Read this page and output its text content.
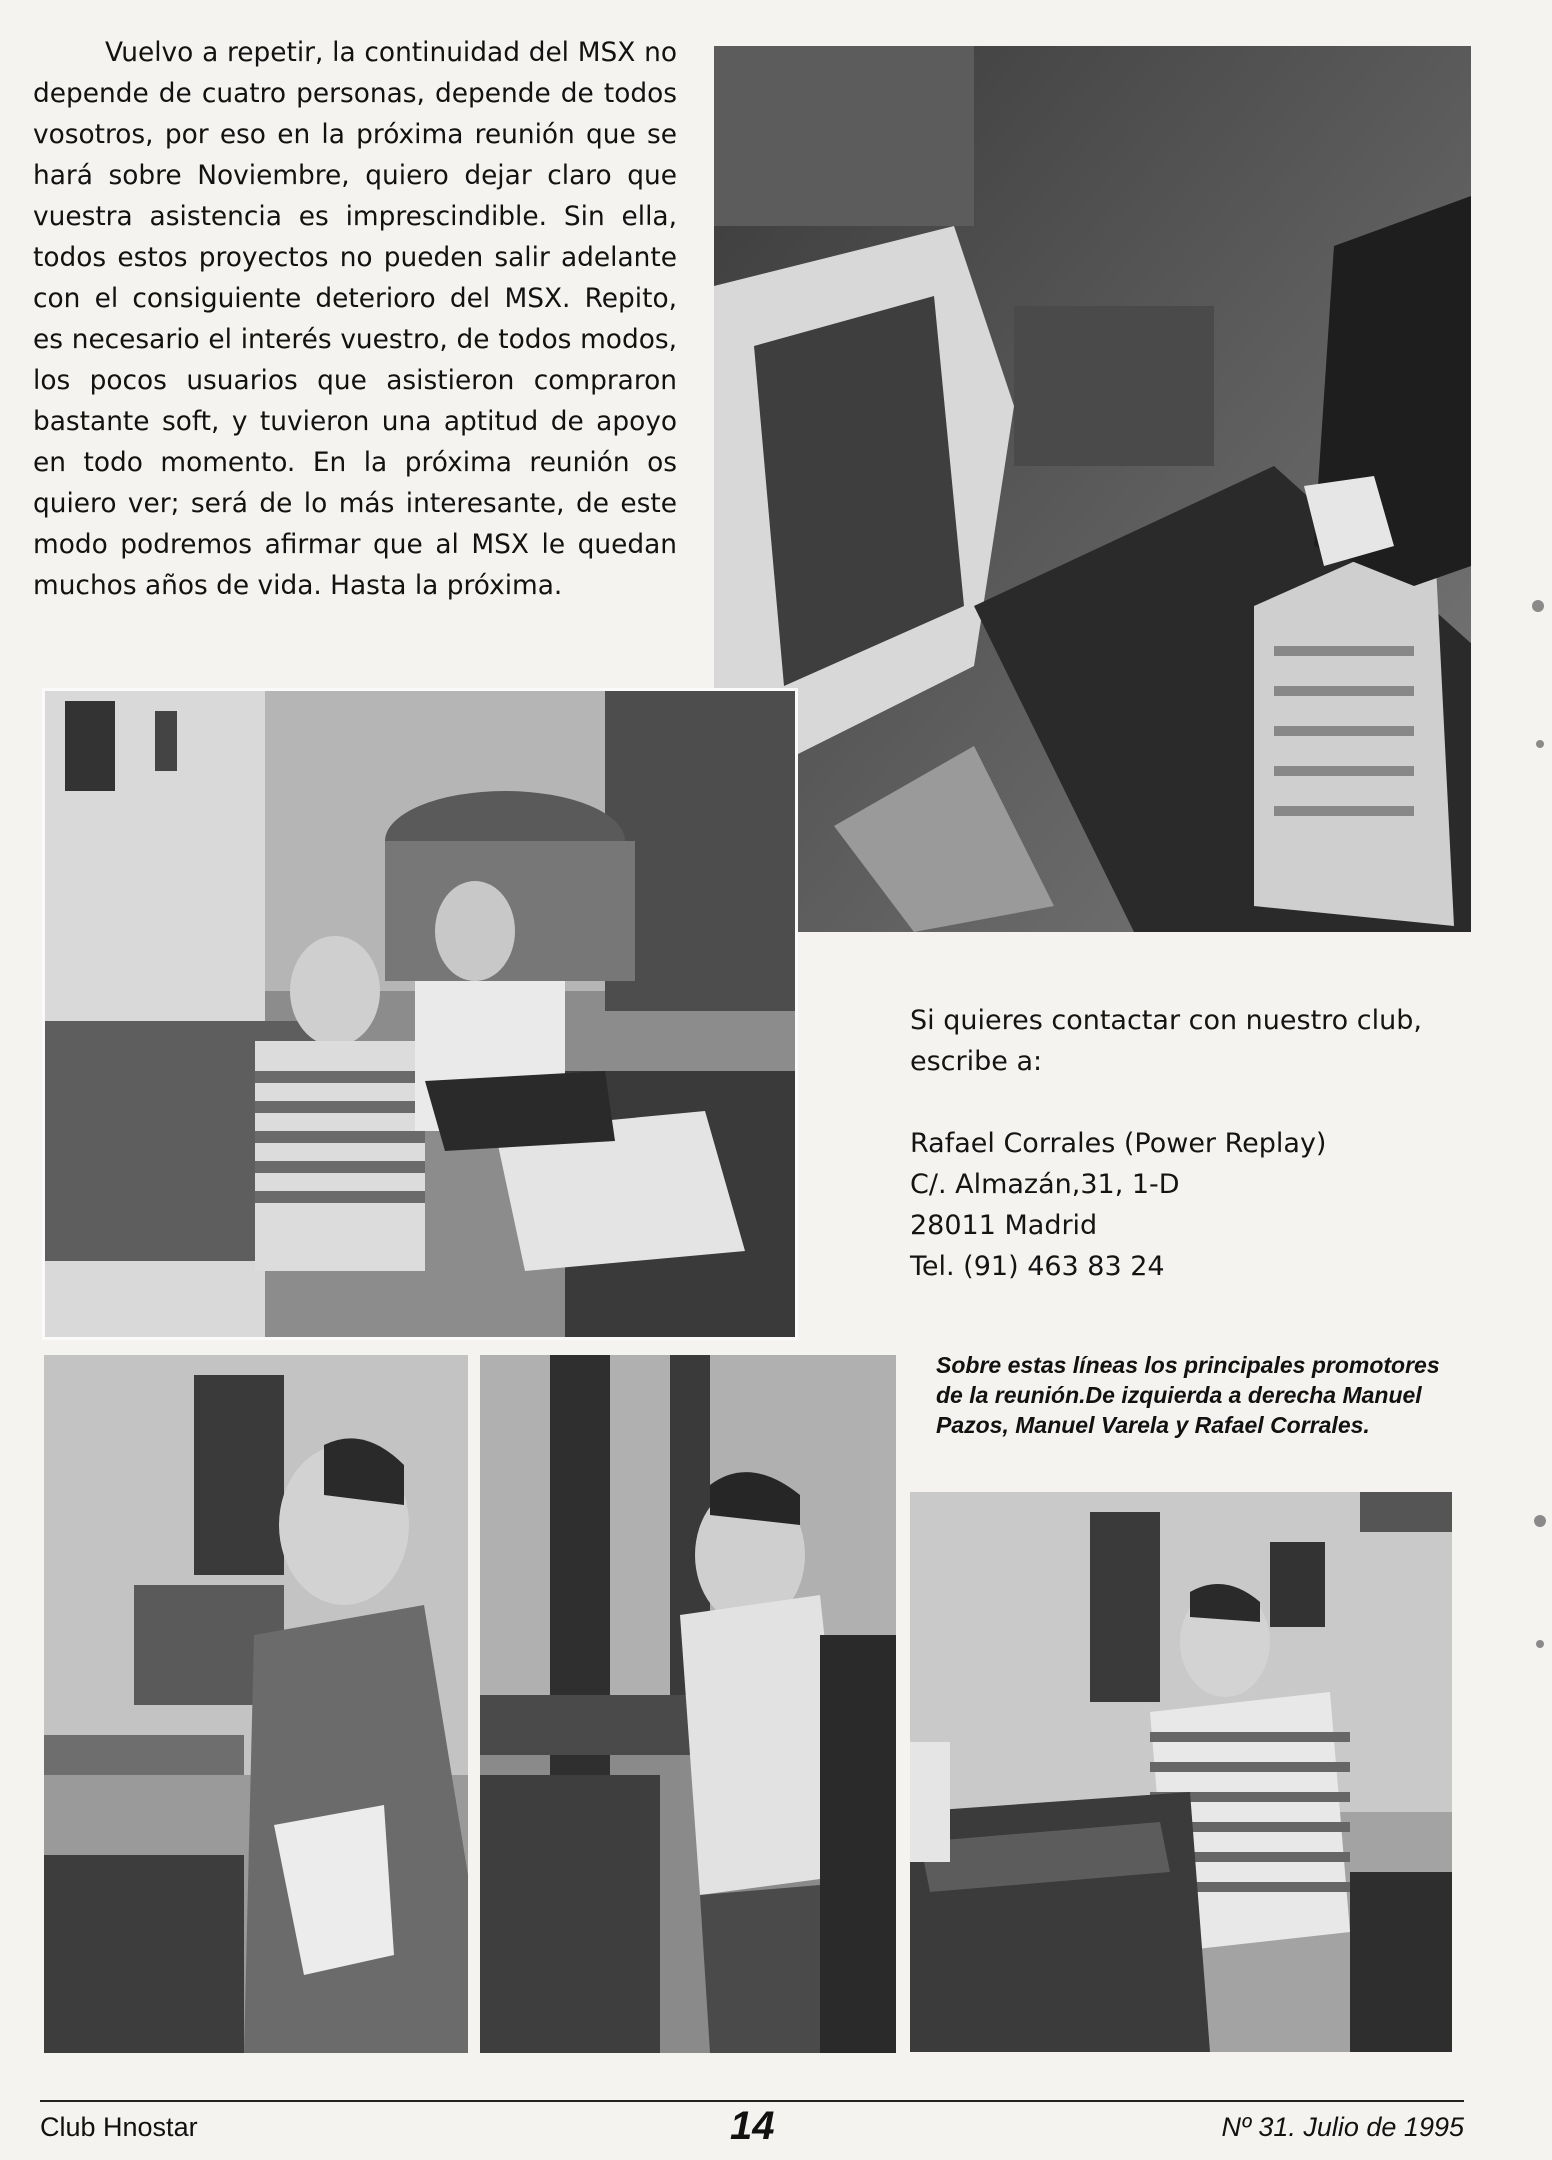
Vuelvo a repetir, la continuidad del MSX no depende de cuatro personas, depende de todos vosotros, por eso en la próxima reunión que se hará sobre Noviembre, quiero dejar claro que vuestra asistencia es imprescindible. Sin ella, todos estos proyectos no pueden salir adelante con el consiguiente deterioro del MSX. Repito, es necesario el interés vuestro, de todos modos, los pocos usuarios que asistieron compraron bastante soft, y tuvieron una aptitud de apoyo en todo momento. En la próxima reunión os quiero ver; será de lo más interesante, de este modo podremos afirmar que al MSX le quedan muchos años de vida. Hasta la próxima.

Si quieres contactar con nuestro club,

escribe a:

Rafael Corrales (Power Replay)

C/. Almazán,31, 1-D

28011 Madrid

Tel. (91) 463 83 24

Sobre estas líneas los principales promotores de la reunión.De izquierda a derecha Manuel Pazos, Manuel Varela y Rafael Corrales.
Club Hnostar	14	Nº 31. Julio de 1995
